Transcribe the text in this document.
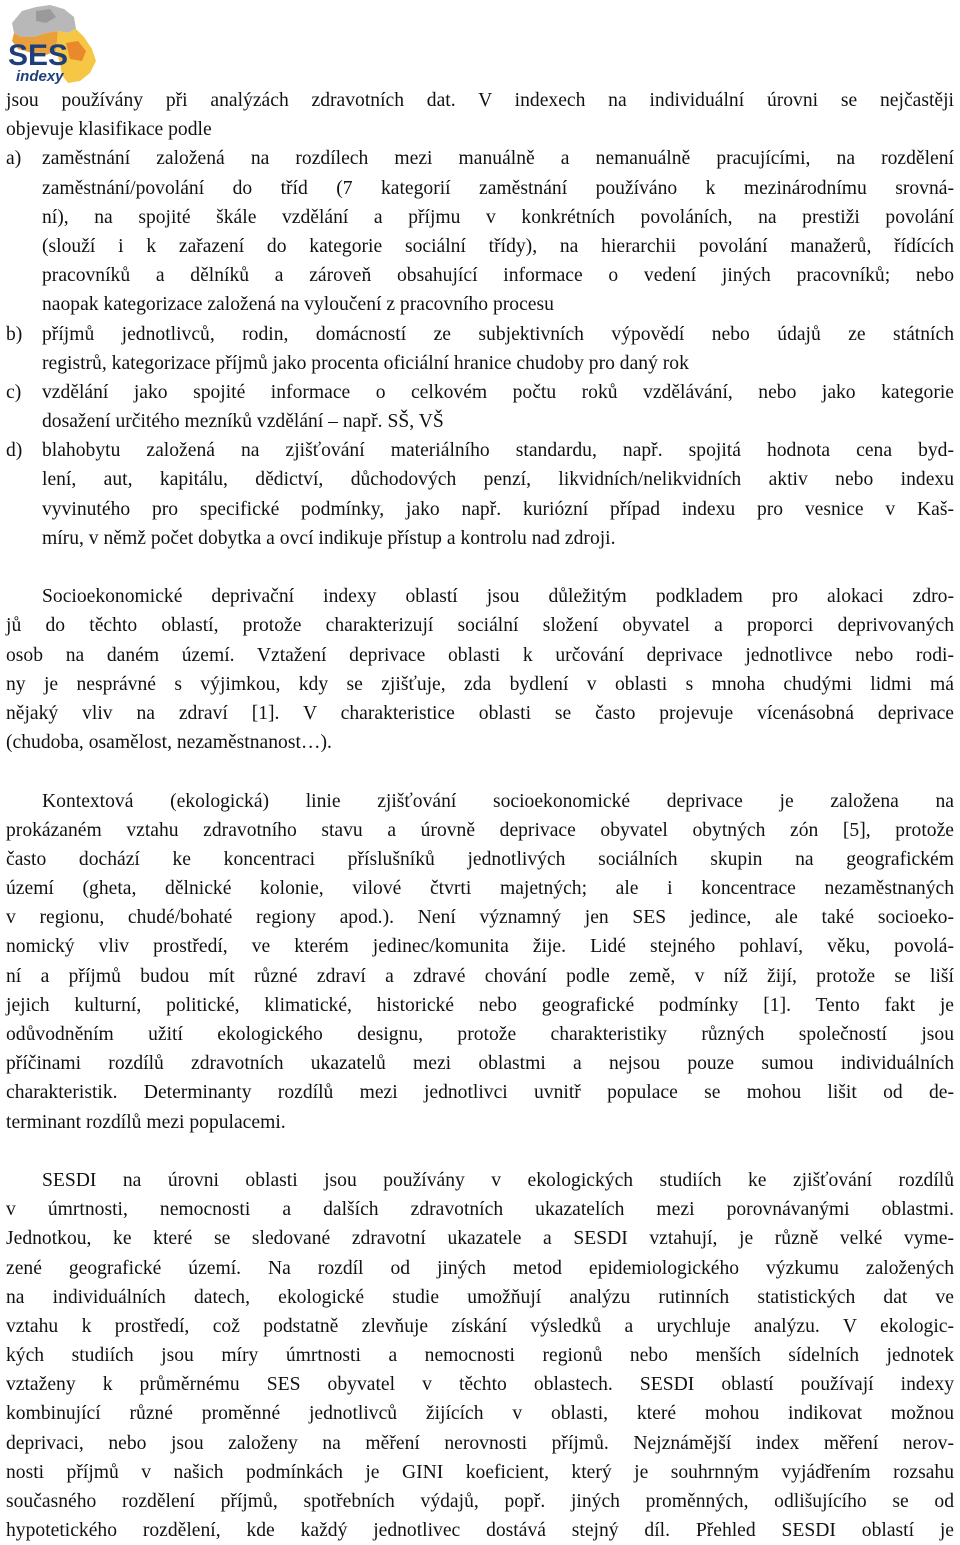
SES
indexy
jsou používány při analýzách zdravotních dat. V indexech na individuální úrovni se nejčastěji
objevuje klasifikace podle
a)	zaměstnání založená na rozdílech mezi manuálně a nemanuálně pracujícími, na rozdělení
zaměstnání/povolání do tříd (7 kategorií zaměstnání používáno k mezinárodnímu srovná-
ní), na spojité škále vzdělání a příjmu v konkrétních povoláních, na prestiži povolání
(slouží i k zařazení do kategorie sociální třídy), na hierarchii povolání manažerů, řídících
pracovníků a dělníků a zároveň obsahující informace o vedení jiných pracovníků; nebo
naopak kategorizace založená na vyloučení z pracovního procesu
b)	příjmů jednotlivců, rodin, domácností ze subjektivních výpovědí nebo údajů ze státních
registrů, kategorizace příjmů jako procenta oficiální hranice chudoby pro daný rok
c)	vzdělání jako spojité informace o celkovém počtu roků vzdělávání, nebo jako kategorie
dosažení určitého mezníků vzdělání – např. SŠ, VŠ
d)	blahobytu založená na zjišťování materiálního standardu, např. spojitá hodnota cena byd-
lení, aut, kapitálu, dědictví, důchodových penzí, likvidních/nelikvidních aktiv nebo indexu
vyvinutého pro specifické podmínky, jako např. kuriózní případ indexu pro vesnice v Kaš-
míru, v němž počet dobytka a ovcí indikuje přístup a kontrolu nad zdroji.
Socioekonomické deprivační indexy oblastí jsou důležitým podkladem pro alokaci zdro-
jů do těchto oblastí, protože charakterizují sociální složení obyvatel a proporci deprivovaných
osob na daném území. Vztažení deprivace oblasti k určování deprivace jednotlivce nebo rodi-
ny je nesprávné s výjimkou, kdy se zjišťuje, zda bydlení v oblasti s mnoha chudými lidmi má
nějaký vliv na zdraví [1]. V charakteristice oblasti se často projevuje vícenásobná deprivace
(chudoba, osamělost, nezaměstnanost…).
Kontextová (ekologická) linie zjišťování socioekonomické deprivace je založena na
prokázaném vztahu zdravotního stavu a úrovně deprivace obyvatel obytných zón [5], protože
často dochází ke koncentraci příslušníků jednotlivých sociálních skupin na geografickém
území (gheta, dělnické kolonie, vilové čtvrti majetných; ale i koncentrace nezaměstnaných
v regionu, chudé/bohaté regiony apod.). Není významný jen SES jedince, ale také socioeko-
nomický vliv prostředí, ve kterém jedinec/komunita žije. Lidé stejného pohlaví, věku, povolá-
ní a příjmů budou mít různé zdraví a zdravé chování podle země, v níž žijí, protože se liší
jejich kulturní, politické, klimatické, historické nebo geografické podmínky [1]. Tento fakt je
odůvodněním užití ekologického designu, protože charakteristiky různých společností jsou
příčinami rozdílů zdravotních ukazatelů mezi oblastmi a nejsou pouze sumou individuálních
charakteristik. Determinanty rozdílů mezi jednotlivci uvnitř populace se mohou lišit od de-
terminant rozdílů mezi populacemi.
SESDI na úrovni oblasti jsou používány v ekologických studiích ke zjišťování rozdílů
v úmrtnosti, nemocnosti a dalších zdravotních ukazatelích mezi porovnávanými oblastmi.
Jednotkou, ke které se sledované zdravotní ukazatele a SESDI vztahují, je různě velké vyme-
zené geografické území. Na rozdíl od jiných metod epidemiologického výzkumu založených
na individuálních datech, ekologické studie umožňují analýzu rutinních statistických dat ve
vztahu k prostředí, což podstatně zlevňuje získání výsledků a urychluje analýzu. V ekologic-
kých studiích jsou míry úmrtnosti a nemocnosti regionů nebo menších sídelních jednotek
vztaženy k průměrnému SES obyvatel v těchto oblastech. SESDI oblastí používají indexy
kombinující různé proměnné jednotlivců žijících v oblasti, které mohou indikovat možnou
deprivaci, nebo jsou založeny na měření nerovnosti příjmů. Nejznámější index měření nerov-
nosti příjmů v našich podmínkách je GINI koeficient, který je souhrnným vyjádřením rozsahu
současného rozdělení příjmů, spotřebních výdajů, popř. jiných proměnných, odlišujícího se od
hypotetického rozdělení, kde každý jednotlivec dostává stejný díl. Přehled SESDI oblastí je
